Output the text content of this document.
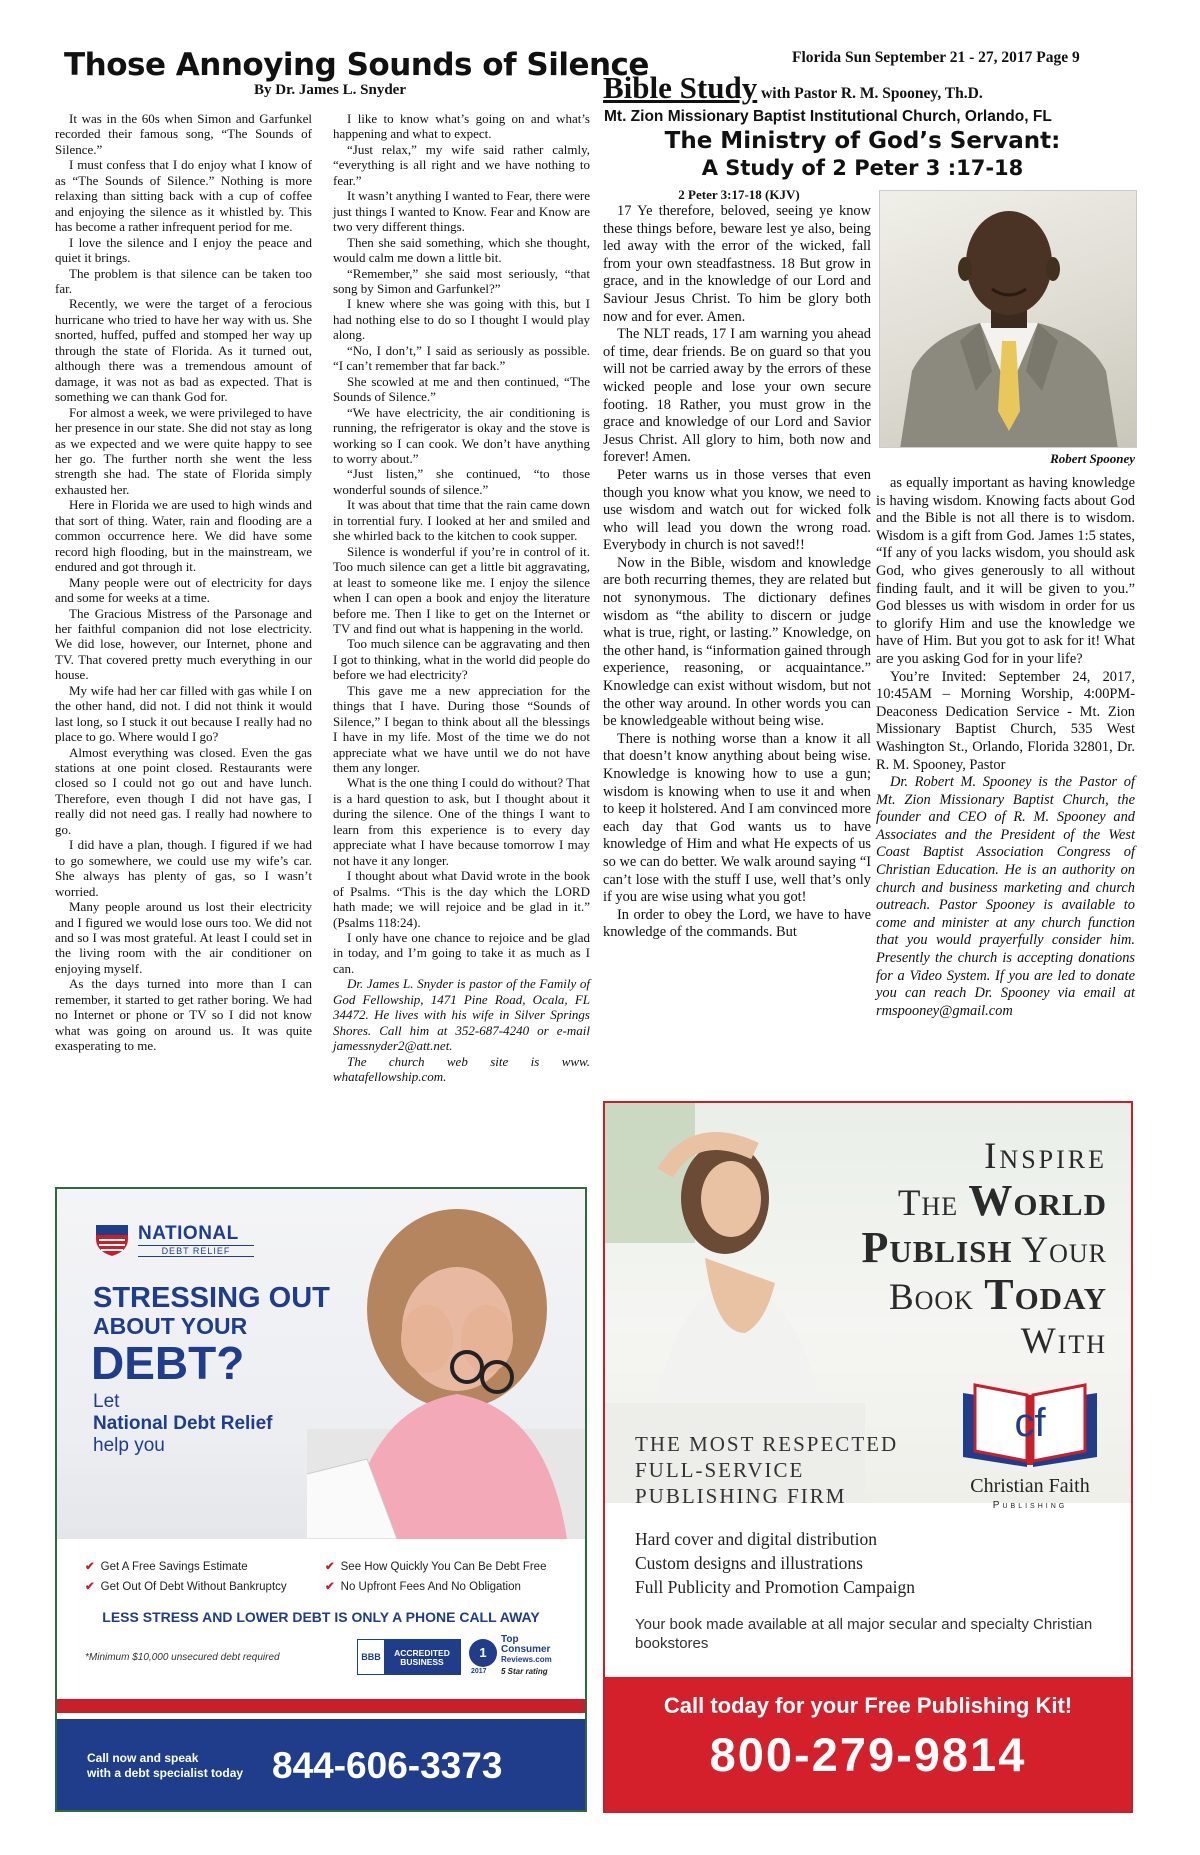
Florida Sun September 21 - 27, 2017 Page 9
Those Annoying Sounds of Silence
By Dr. James L. Snyder

It was in the 60s when Simon and Garfunkel recorded their famous song, “The Sounds of Silence.”

I must confess that I do enjoy what I know of as “The Sounds of Silence.” Nothing is more relaxing than sitting back with a cup of coffee and enjoying the silence as it whistled by. This has become a rather infrequent period for me.

I love the silence and I enjoy the peace and quiet it brings.

The problem is that silence can be taken too far.

Recently, we were the target of a ferocious hurricane who tried to have her way with us. She snorted, huffed, puffed and stomped her way up through the state of Florida. As it turned out, although there was a tremendous amount of damage, it was not as bad as expected. That is something we can thank God for.

For almost a week, we were privileged to have her presence in our state. She did not stay as long as we expected and we were quite happy to see her go. The further north she went the less strength she had. The state of Florida simply exhausted her.

Here in Florida we are used to high winds and that sort of thing. Water, rain and flooding are a common occurrence here. We did have some record high flooding, but in the mainstream, we endured and got through it.

Many people were out of electricity for days and some for weeks at a time.

The Gracious Mistress of the Parsonage and her faithful companion did not lose electricity. We did lose, however, our Internet, phone and TV. That covered pretty much everything in our house.

My wife had her car filled with gas while I on the other hand, did not. I did not think it would last long, so I stuck it out because I really had no place to go. Where would I go?

Almost everything was closed. Even the gas stations at one point closed. Restaurants were closed so I could not go out and have lunch. Therefore, even though I did not have gas, I really did not need gas. I really had nowhere to go.

I did have a plan, though. I figured if we had to go somewhere, we could use my wife’s car. She always has plenty of gas, so I wasn’t worried.

Many people around us lost their electricity and I figured we would lose ours too. We did not and so I was most grateful. At least I could set in the living room with the air conditioner on enjoying myself.

As the days turned into more than I can remember, it started to get rather boring. We had no Internet or phone or TV so I did not know what was going on around us. It was quite exasperating to me.

I like to know what’s going on and what’s happening and what to expect.

“Just relax,” my wife said rather calmly, “everything is all right and we have nothing to fear.”

It wasn’t anything I wanted to Fear, there were just things I wanted to Know. Fear and Know are two very different things.

Then she said something, which she thought, would calm me down a little bit.

“Remember,” she said most seriously, “that song by Simon and Garfunkel?”

I knew where she was going with this, but I had nothing else to do so I thought I would play along.

“No, I don’t,” I said as seriously as possible. “I can’t remember that far back.”

She scowled at me and then continued, “The Sounds of Silence.”

“We have electricity, the air conditioning is running, the refrigerator is okay and the stove is working so I can cook. We don’t have anything to worry about.”

“Just listen,” she continued, “to those wonderful sounds of silence.”

It was about that time that the rain came down in torrential fury. I looked at her and smiled and she whirled back to the kitchen to cook supper.

Silence is wonderful if you’re in control of it. Too much silence can get a little bit aggravating, at least to someone like me. I enjoy the silence when I can open a book and enjoy the literature before me. Then I like to get on the Internet or TV and find out what is happening in the world.

Too much silence can be aggravating and then I got to thinking, what in the world did people do before we had electricity?

This gave me a new appreciation for the things that I have. During those “Sounds of Silence,” I began to think about all the blessings I have in my life. Most of the time we do not appreciate what we have until we do not have them any longer.

What is the one thing I could do without? That is a hard question to ask, but I thought about it during the silence. One of the things I want to learn from this experience is to every day appreciate what I have because tomorrow I may not have it any longer.

I thought about what David wrote in the book of Psalms. “This is the day which the LORD hath made; we will rejoice and be glad in it.” (Psalms 118:24).

I only have one chance to rejoice and be glad in today, and I’m going to take it as much as I can.

Dr. James L. Snyder is pastor of the Family of God Fellowship, 1471 Pine Road, Ocala, FL 34472. He lives with his wife in Silver Springs Shores. Call him at 352-687-4240 or e-mail jamessnyder2@att.net.

The church web site is www. whatafellowship.com.

Bible Study with Pastor R. M. Spooney, Th.D.
Mt. Zion Missionary Baptist Institutional Church, Orlando, FL
The Ministry of God’s Servant:
A Study of 2 Peter 3 :17-18
2 Peter 3:17-18 (KJV)

17 Ye therefore, beloved, seeing ye know these things before, beware lest ye also, being led away with the error of the wicked, fall from your own steadfastness. 18 But grow in grace, and in the knowledge of our Lord and Saviour Jesus Christ. To him be glory both now and for ever. Amen.

The NLT reads, 17 I am warning you ahead of time, dear friends. Be on guard so that you will not be carried away by the errors of these wicked people and lose your own secure footing. 18 Rather, you must grow in the grace and knowledge of our Lord and Savior Jesus Christ. All glory to him, both now and forever! Amen.

Peter warns us in those verses that even though you know what you know, we need to use wisdom and watch out for wicked folk who will lead you down the wrong road. Everybody in church is not saved!!

Now in the Bible, wisdom and knowledge are both recurring themes, they are related but not synonymous. The dictionary defines wisdom as “the ability to discern or judge what is true, right, or lasting.” Knowledge, on the other hand, is “information gained through experience, reasoning, or acquaintance.” Knowledge can exist without wisdom, but not the other way around. In other words you can be knowledgeable without being wise.

There is nothing worse than a know it all that doesn’t know anything about being wise. Knowledge is knowing how to use a gun; wisdom is knowing when to use it and when to keep it holstered. And I am convinced more each day that God wants us to have knowledge of Him and what He expects of us so we can do better. We walk around saying “I can’t lose with the stuff I use, well that’s only if you are wise using what you got!

In order to obey the Lord, we have to have knowledge of the commands. But

Robert Spooney

as equally important as having knowledge is having wisdom. Knowing facts about God and the Bible is not all there is to wisdom. Wisdom is a gift from God. James 1:5 states, “If any of you lacks wisdom, you should ask God, who gives generously to all without finding fault, and it will be given to you.” God blesses us with wisdom in order for us to glorify Him and use the knowledge we have of Him. But you got to ask for it! What are you asking God for in your life?

You’re Invited: September 24, 2017, 10:45AM – Morning Worship, 4:00PM-Deaconess Dedication Service - Mt. Zion Missionary Baptist Church, 535 West Washington St., Orlando, Florida 32801, Dr. R. M. Spooney, Pastor

Dr. Robert M. Spooney is the Pastor of Mt. Zion Missionary Baptist Church, the founder and CEO of R. M. Spooney and Associates and the President of the West Coast Baptist Association Congress of Christian Education. He is an authority on church and business marketing and church outreach. Pastor Spooney is available to come and minister at any church function that you would prayerfully consider him. Presently the church is accepting donations for a Video System. If you are led to donate you can reach Dr. Spooney via email at rmspooney@gmail.com

NATIONAL
DEBT RELIEF
STRESSING OUT
ABOUT YOUR
DEBT?
Let
National Debt Relief
help you
✔ Get A Free Savings Estimate	✔ See How Quickly You Can Be Debt Free
✔ Get Out Of Debt Without Bankruptcy	✔ No Upfront Fees And No Obligation
LESS STRESS AND LOWER DEBT IS ONLY A PHONE CALL AWAY
*Minimum $10,000 unsecured debt required	BBB	ACCREDITED BUSINESS
1
2017
Top
Consumer
Reviews.com
5 Star rating
Call now and speak
with a debt specialist today 844-606-3373
Inspire
The World
Publish Your
Book Today
With
THE MOST RESPECTED
FULL-SERVICE
PUBLISHING FIRM
cf
Christian Faith
Publishing
Hard cover and digital distribution
Custom designs and illustrations
Full Publicity and Promotion Campaign
Your book made available at all major secular and specialty Christian bookstores
Call today for your Free Publishing Kit!
800-279-9814
